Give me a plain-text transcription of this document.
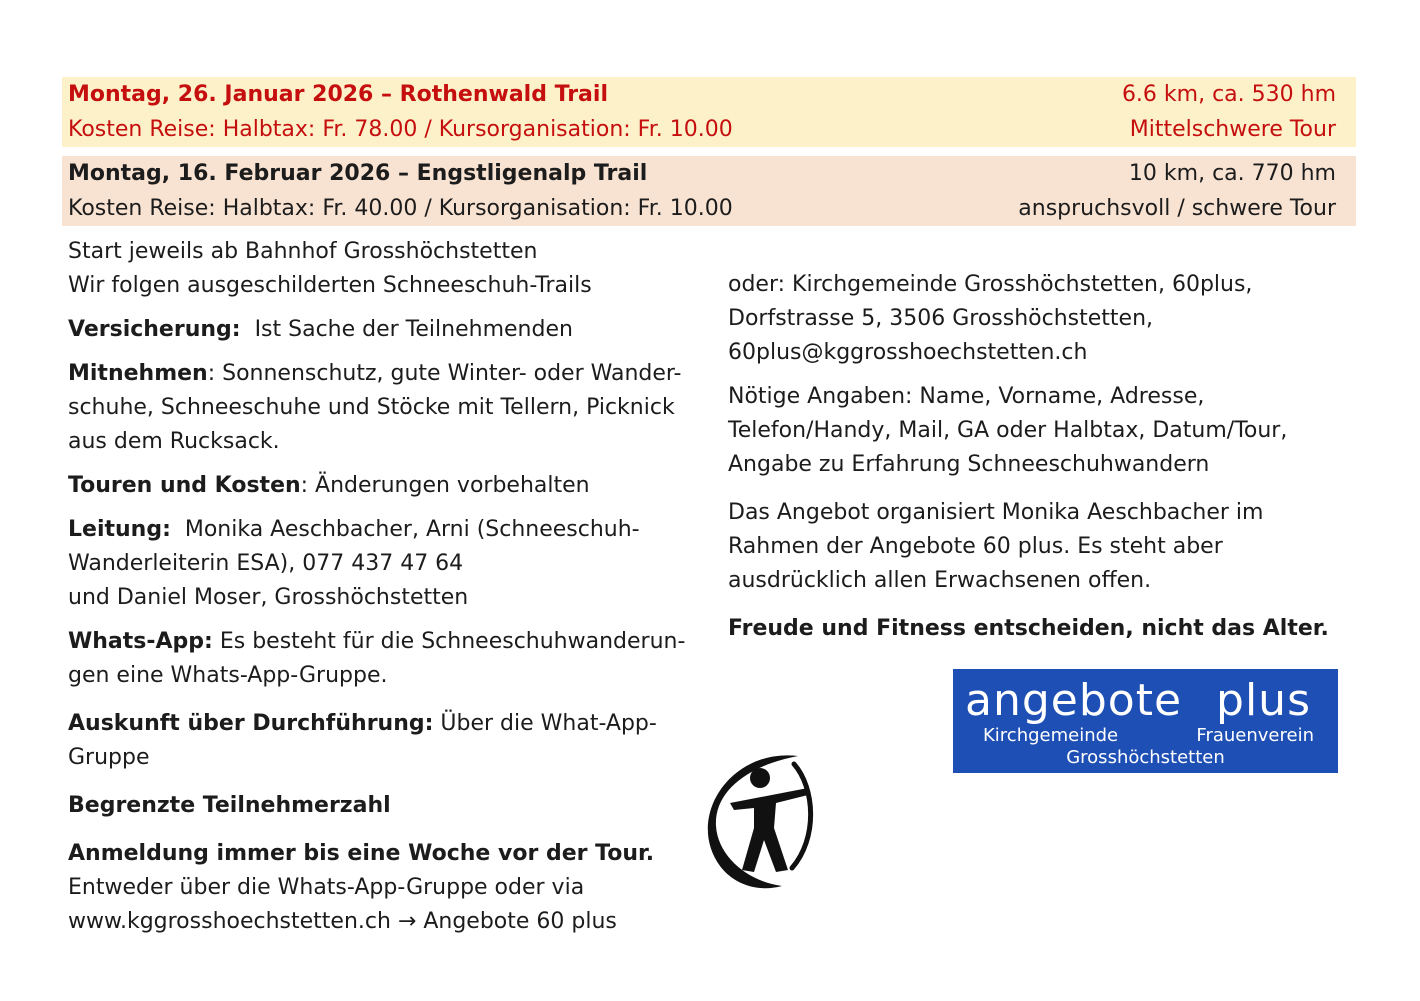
Montag, 26. Januar 2026 – Rothenwald Trail	6.6 km, ca. 530 hm
Kosten Reise: Halbtax: Fr. 78.00 / Kursorganisation: Fr. 10.00	Mittelschwere Tour
Montag, 16. Februar 2026 – Engstligenalp Trail	10 km, ca. 770 hm
Kosten Reise: Halbtax: Fr. 40.00 / Kursorganisation: Fr. 10.00	anspruchsvoll / schwere Tour

Start jeweils ab Bahnhof Grosshöchstetten

Wir folgen ausgeschilderten Schneeschuh-Trails

Versicherung:  Ist Sache der Teilnehmenden

Mitnehmen: Sonnenschutz, gute Winter- oder Wander-

schuhe, Schneeschuhe und Stöcke mit Tellern, Picknick

aus dem Rucksack.

Touren und Kosten: Änderungen vorbehalten

Leitung:  Monika Aeschbacher, Arni (Schneeschuh-

Wanderleiterin ESA), 077 437 47 64

und Daniel Moser, Grosshöchstetten

Whats-App: Es besteht für die Schneeschuhwanderun-

gen eine Whats-App-Gruppe.

Auskunft über Durchführung: Über die What-App-

Gruppe

Begrenzte Teilnehmerzahl

Anmeldung immer bis eine Woche vor der Tour.

Entweder über die Whats-App-Gruppe oder via

www.kggrosshoechstetten.ch → Angebote 60 plus

oder: Kirchgemeinde Grosshöchstetten, 60plus,

Dorfstrasse 5, 3506 Grosshöchstetten,

60plus@kggrosshoechstetten.ch

Nötige Angaben: Name, Vorname, Adresse,

Telefon/Handy, Mail, GA oder Halbtax, Datum/Tour,

Angabe zu Erfahrung Schneeschuhwandern

Das Angebot organisiert Monika Aeschbacher im

Rahmen der Angebote 60 plus. Es steht aber

ausdrücklich allen Erwachsenen offen.

Freude und Fitness entscheiden, nicht das Alter.

angebote plus
Kirchgemeinde	Frauenverein
Grosshöchstetten
